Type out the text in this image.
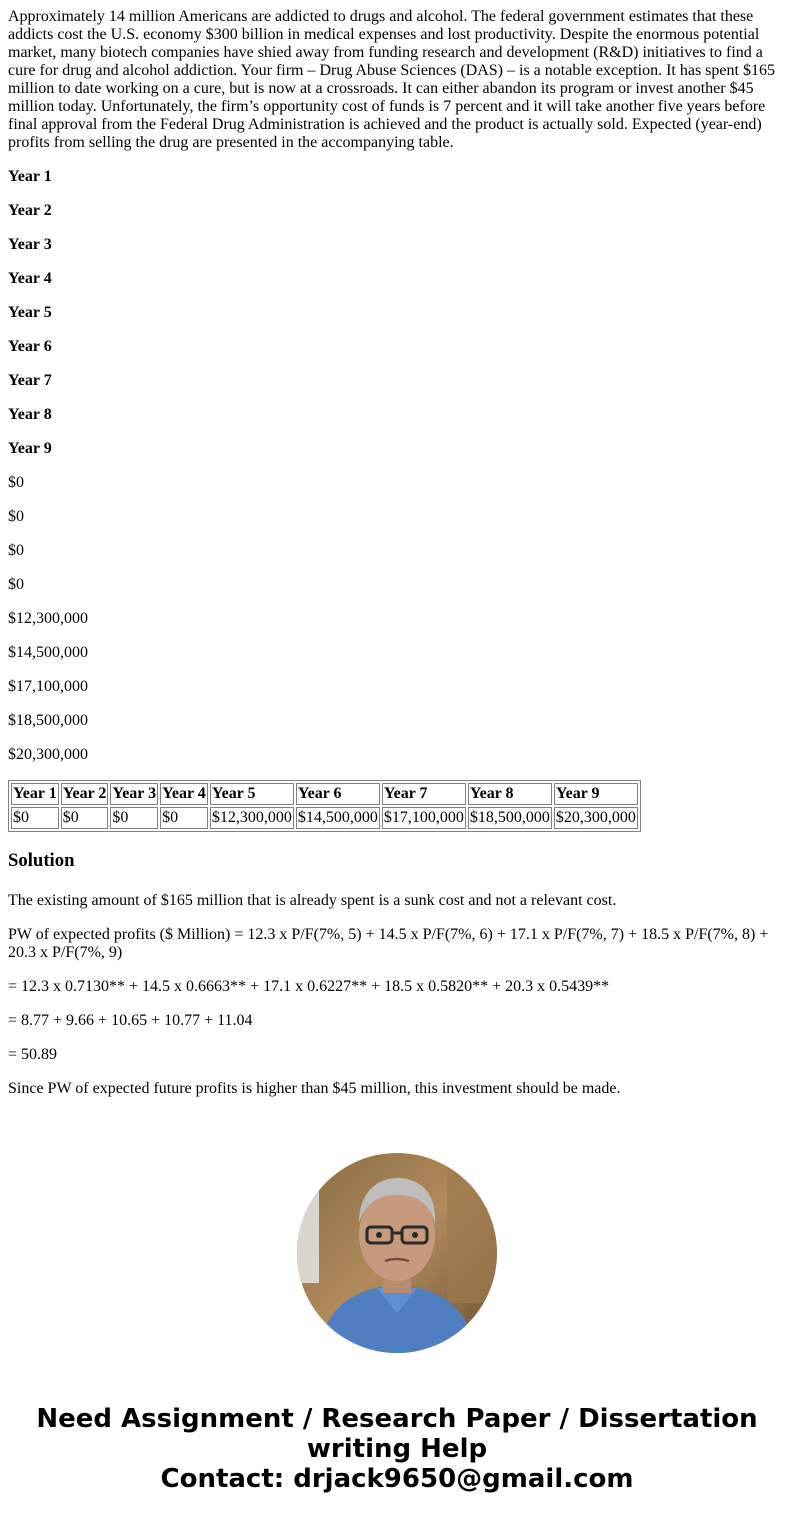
Approximately 14 million Americans are addicted to drugs and alcohol. The federal government estimates that these addicts cost the U.S. economy $300 billion in medical expenses and lost productivity. Despite the enormous potential market, many biotech companies have shied away from funding research and development (R&D) initiatives to find a cure for drug and alcohol addiction. Your firm – Drug Abuse Sciences (DAS) – is a notable exception. It has spent $165 million to date working on a cure, but is now at a crossroads. It can either abandon its program or invest another $45 million today. Unfortunately, the firm’s opportunity cost of funds is 7 percent and it will take another five years before final approval from the Federal Drug Administration is achieved and the product is actually sold. Expected (year-end) profits from selling the drug are presented in the accompanying table.

Year 1

Year 2

Year 3

Year 4

Year 5

Year 6

Year 7

Year 8

Year 9

$0

$0

$0

$0

$12,300,000

$14,500,000

$17,100,000

$18,500,000

$20,300,000

Year 1	Year 2	Year 3	Year 4	Year 5	Year 6	Year 7	Year 8	Year 9
$0	$0	$0	$0	$12,300,000	$14,500,000	$17,100,000	$18,500,000	$20,300,000
Solution

The existing amount of $165 million that is already spent is a sunk cost and not a relevant cost.

PW of expected profits ($ Million) = 12.3 x P/F(7%, 5) + 14.5 x P/F(7%, 6) + 17.1 x P/F(7%, 7) + 18.5 x P/F(7%, 8) + 20.3 x P/F(7%, 9)

= 12.3 x 0.7130** + 14.5 x 0.6663** + 17.1 x 0.6227** + 18.5 x 0.5820** + 20.3 x 0.5439**

= 8.77 + 9.66 + 10.65 + 10.77 + 11.04

= 50.89

Since PW of expected future profits is higher than $45 million, this investment should be made.

Need Assignment / Research Paper / Dissertation
writing Help
Contact: drjack9650@gmail.com
